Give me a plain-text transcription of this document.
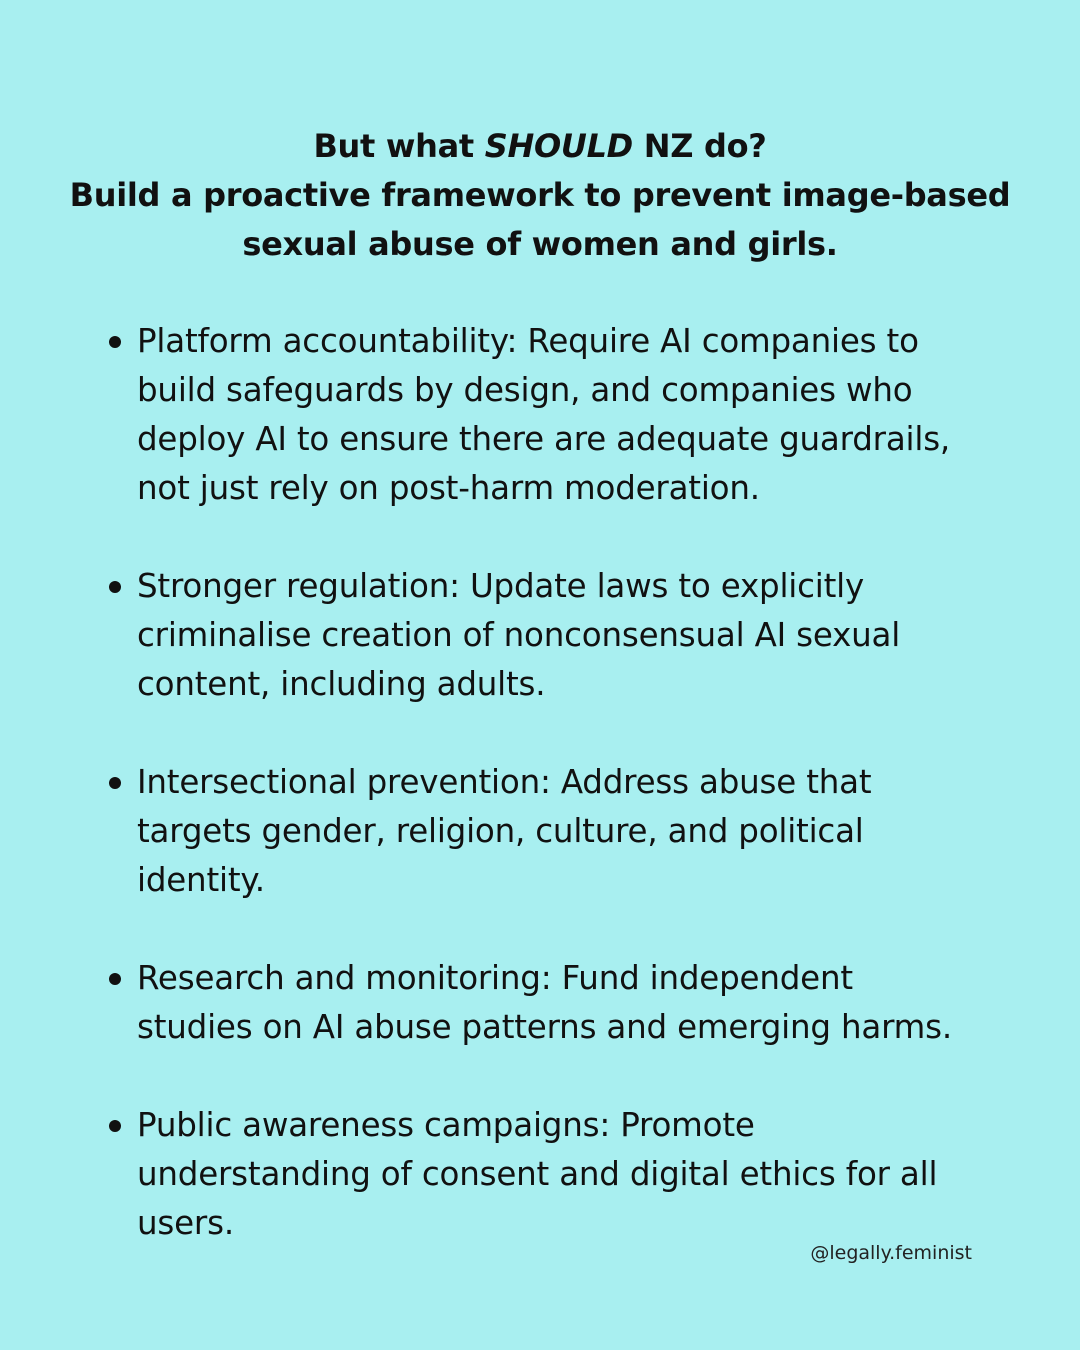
But what SHOULD NZ do?
Build a proactive framework to prevent image-based
sexual abuse of women and girls.
Platform accountability: Require AI companies to
build safeguards by design, and companies who
deploy AI to ensure there are adequate guardrails,
not just rely on post-harm moderation.
Stronger regulation: Update laws to explicitly
criminalise creation of nonconsensual AI sexual
content, including adults.
Intersectional prevention: Address abuse that
targets gender, religion, culture, and political
identity.
Research and monitoring: Fund independent
studies on AI abuse patterns and emerging harms.
Public awareness campaigns: Promote
understanding of consent and digital ethics for all
users.
@legally.feminist
